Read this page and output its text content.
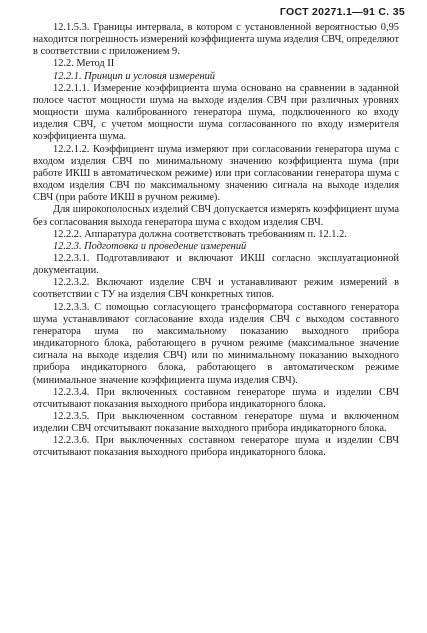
ГОСТ 20271.1—91 С. 35

12.1.5.3. Границы интервала, в котором с установленной вероятностью 0,95 находится погрешность измерений коэффициента шума изделия СВЧ, определяют в соответствии с приложением 9.

12.2. Метод II

12.2.1. Принцип и условия измерений

12.2.1.1. Измерение коэффициента шума основано на сравнении в заданной полосе частот мощности шума на выходе изделия СВЧ при различных уровнях мощности шума калиброванного генератора шума, подключенного ко входу изделия СВЧ, с учетом мощности шума согласованного по входу измерителя коэффициента шума.

12.2.1.2. Коэффициент шума измеряют при согласовании генератора шума с входом изделия СВЧ по минимальному значению коэффициента шума (при работе ИКШ в автоматическом режиме) или при согласовании генератора шума с входом изделия СВЧ по максимальному значению сигнала на выходе изделия СВЧ (при работе ИКШ в ручном режиме).

Для широкополосных изделий СВЧ допускается измерять коэффициент шума без согласования выхода генератора шума с входом изделия СВЧ.

12.2.2. Аппаратура должна соответствовать требованиям п. 12.1.2.

12.2.3. Подготовка и проведение измерений

12.2.3.1. Подготавливают и включают ИКШ согласно эксплуатационной документации.

12.2.3.2. Включают изделие СВЧ и устанавливают режим измерений в соответствии с ТУ на изделия СВЧ конкретных типов.

12.2.3.3. С помощью согласующего трансформатора составного генератора шума устанавливают согласование входа изделия СВЧ с выходом составного генератора шума по максимальному показанию выходного прибора индикаторного блока, работающего в ручном режиме (максимальное значение сигнала на выходе изделия СВЧ) или по минимальному показанию выходного прибора индикаторного блока, работающего в автоматическом режиме (минимальное значение коэффициента шума изделия СВЧ).

12.2.3.4. При включенных составном генераторе шума и изделии СВЧ отсчитывают показания выходного прибора индикаторного блока.

12.2.3.5. При выключенном составном генераторе шума и включенном изделии СВЧ отсчитывают показание выходного прибора индикаторного блока.

12.2.3.6. При выключенных составном генераторе шума и изделии СВЧ отсчитывают показания выходного прибора индикаторного блока.
